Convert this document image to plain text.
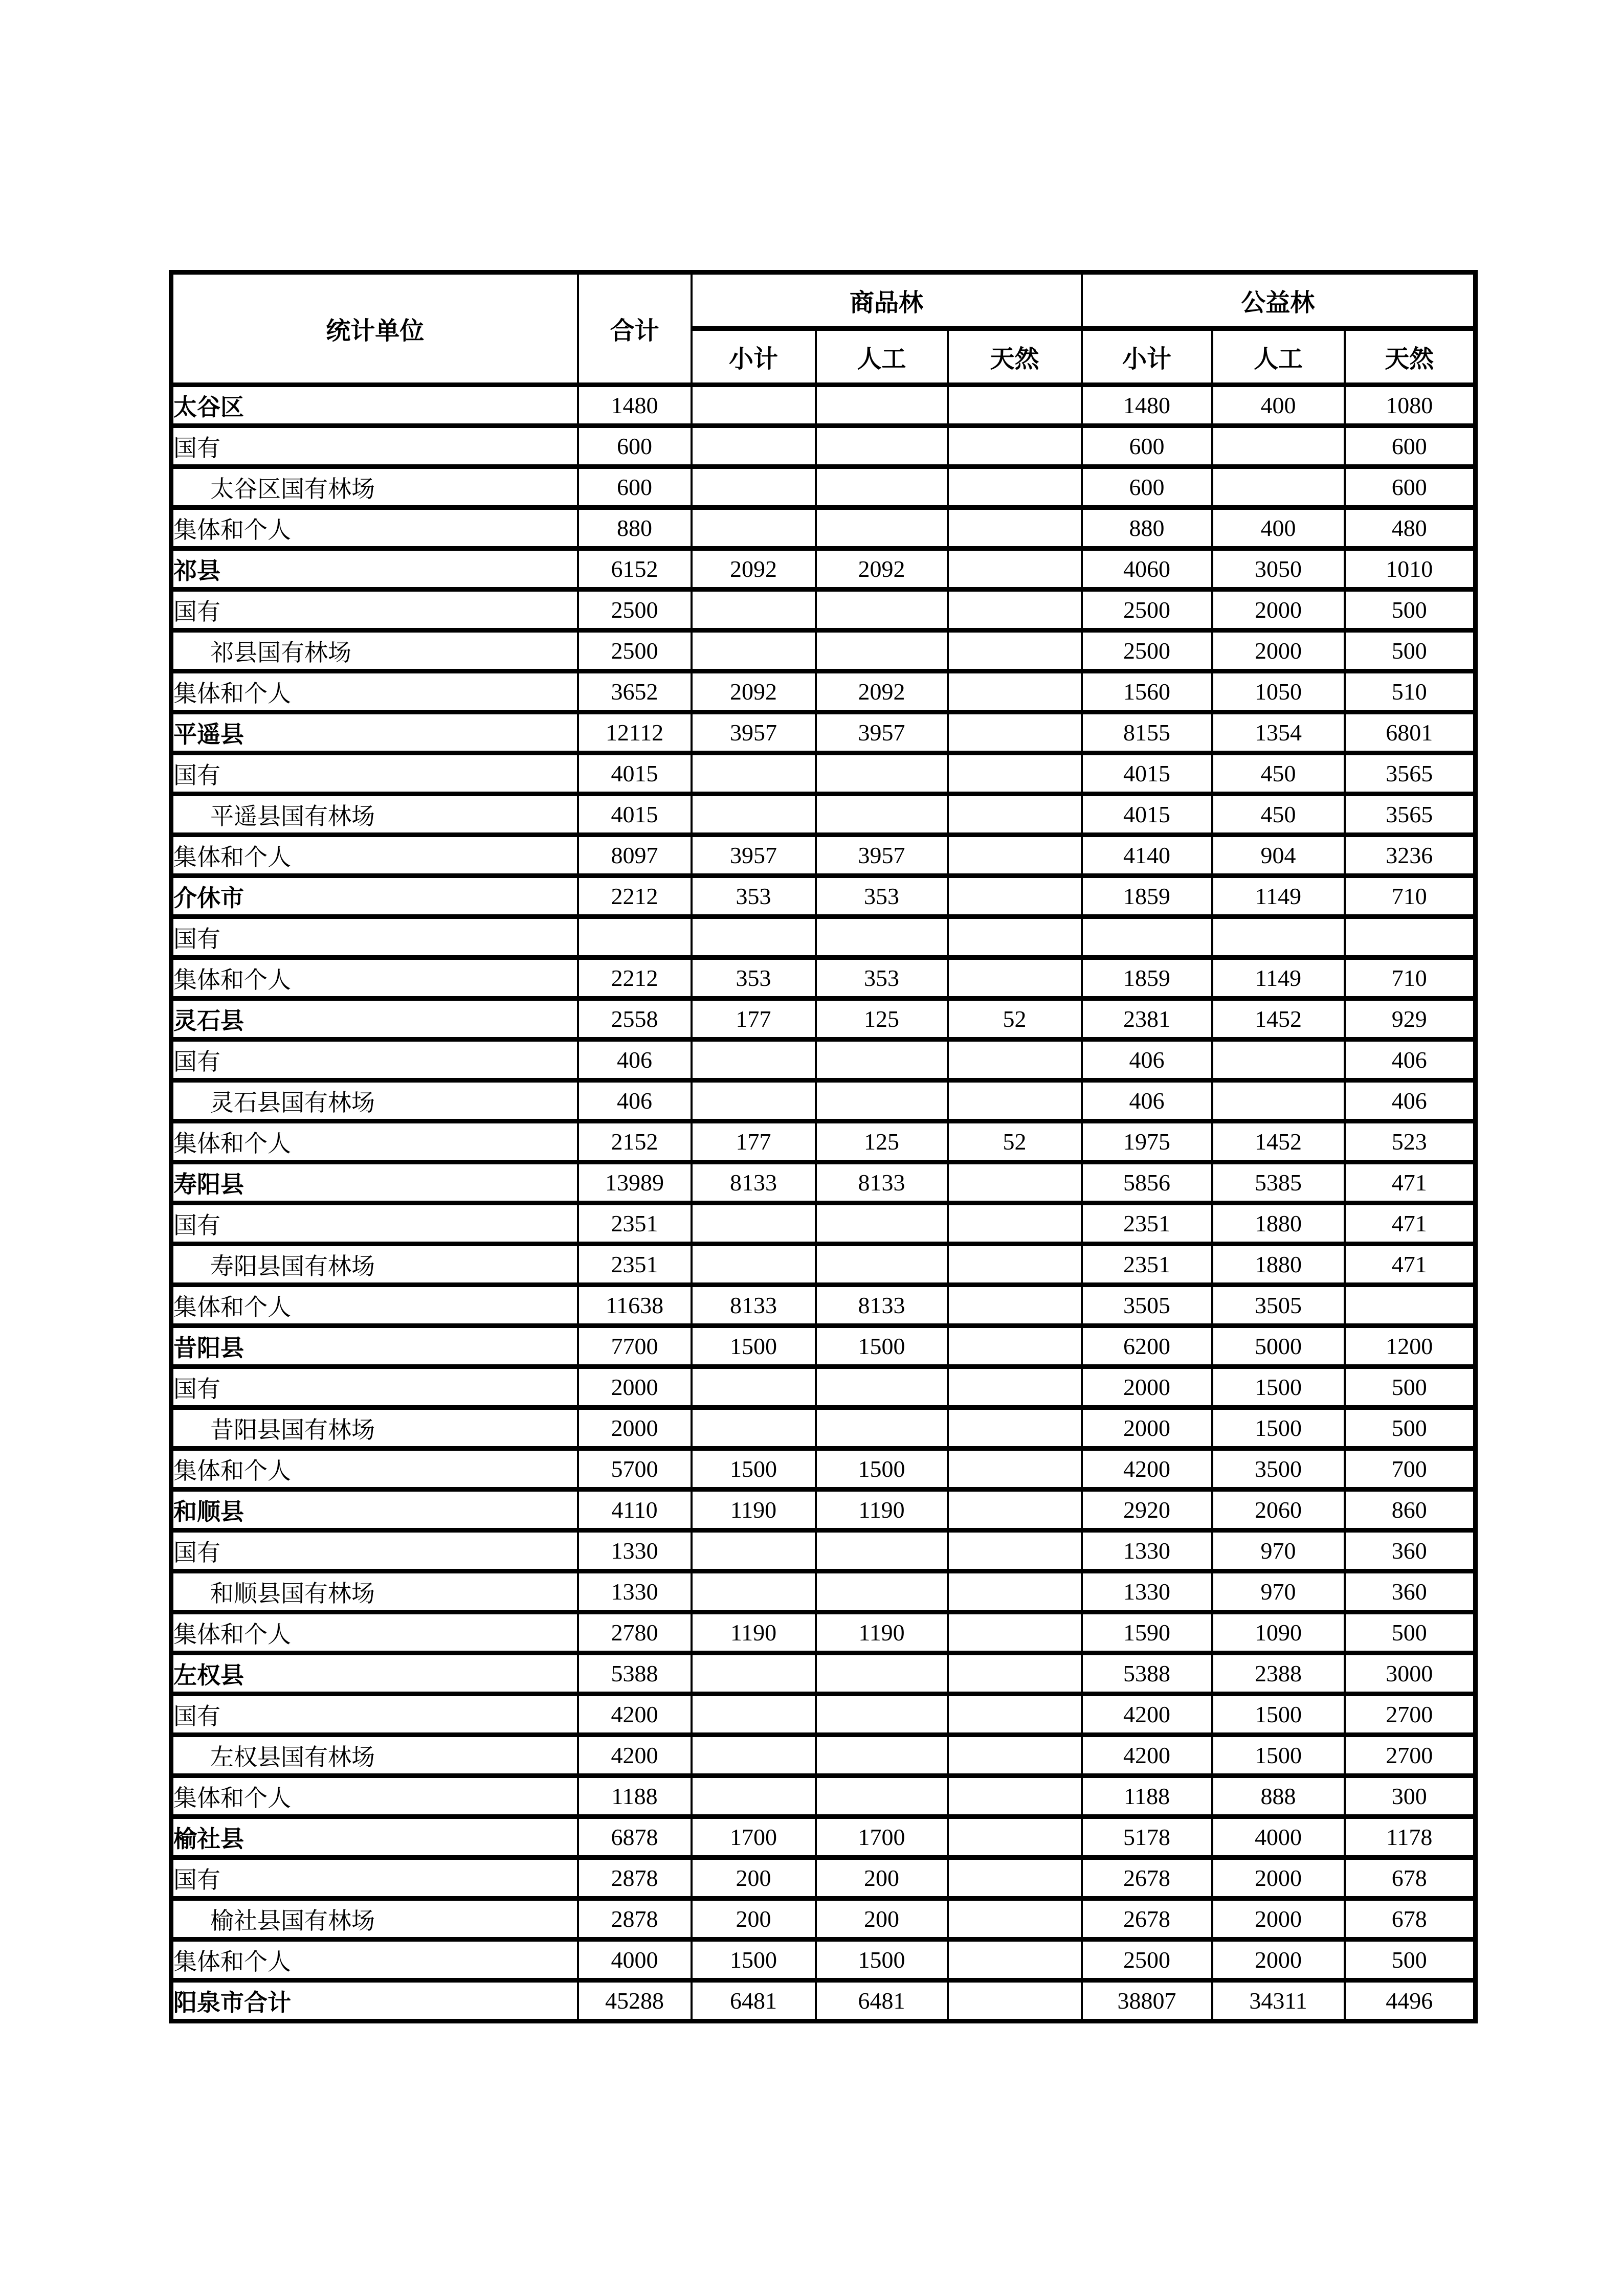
统计单位	合计	商品林			公益林		
		小计	人工	天然	小计	人工	天然
太谷区	1480				1480	400	1080
国有	600				600		600
太谷区国有林场	600				600		600
集体和个人	880				880	400	480
祁县	6152	2092	2092		4060	3050	1010
国有	2500				2500	2000	500
祁县国有林场	2500				2500	2000	500
集体和个人	3652	2092	2092		1560	1050	510
平遥县	12112	3957	3957		8155	1354	6801
国有	4015				4015	450	3565
平遥县国有林场	4015				4015	450	3565
集体和个人	8097	3957	3957		4140	904	3236
介休市	2212	353	353		1859	1149	710
国有							
集体和个人	2212	353	353		1859	1149	710
灵石县	2558	177	125	52	2381	1452	929
国有	406				406		406
灵石县国有林场	406				406		406
集体和个人	2152	177	125	52	1975	1452	523
寿阳县	13989	8133	8133		5856	5385	471
国有	2351				2351	1880	471
寿阳县国有林场	2351				2351	1880	471
集体和个人	11638	8133	8133		3505	3505	
昔阳县	7700	1500	1500		6200	5000	1200
国有	2000				2000	1500	500
昔阳县国有林场	2000				2000	1500	500
集体和个人	5700	1500	1500		4200	3500	700
和顺县	4110	1190	1190		2920	2060	860
国有	1330				1330	970	360
和顺县国有林场	1330				1330	970	360
集体和个人	2780	1190	1190		1590	1090	500
左权县	5388				5388	2388	3000
国有	4200				4200	1500	2700
左权县国有林场	4200				4200	1500	2700
集体和个人	1188				1188	888	300
榆社县	6878	1700	1700		5178	4000	1178
国有	2878	200	200		2678	2000	678
榆社县国有林场	2878	200	200		2678	2000	678
集体和个人	4000	1500	1500		2500	2000	500
阳泉市合计	45288	6481	6481		38807	34311	4496
